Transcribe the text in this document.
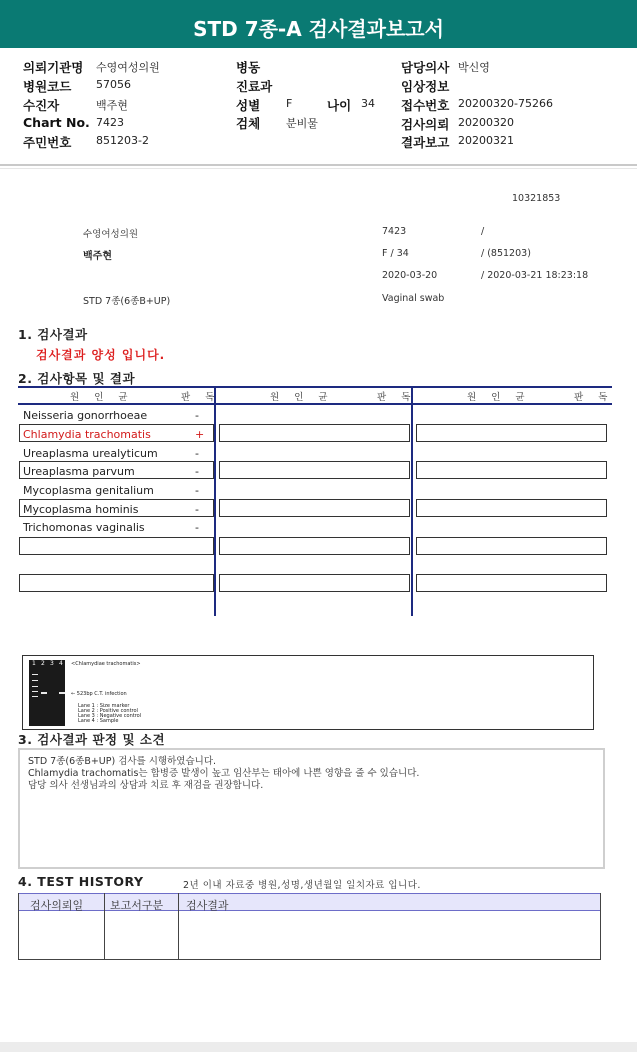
STD 7종-A 검사결과보고서
의뢰기관명 수영여성의원
병원코드 57056
수진자	백주현
Chart No. 7423
주민번호 851203-2
병동
진료과
성별 F	나이 34
검체 분비물
담당의사 박신영
임상정보
접수번호 20200320-75266
검사의뢰 20200320
결과보고 20200321
10321853
수영여성의원	7423	/
백주현	F / 34	/ (851203)
2020-03-20	/ 2020-03-21 18:23:18
STD 7종(6종B+UP)	Vaginal swab
1. 검사결과
검사결과 양성 입니다.
2. 검사항목 및 결과
원 인 균	판 독	원 인 균	판 독	원 인 균	판 독
Neisseria gonorrhoeae	-
Chlamydia trachomatis	+
Ureaplasma urealyticum	-
Ureaplasma parvum	-
Mycoplasma genitalium	-
Mycoplasma hominis	-
Trichomonas vaginalis	-
1 2 3 4 <Chlamydiae trachomatis>
← 523bp C.T. infection
Lane 1 : Size marker
Lane 2 : Positive control
Lane 3 : Negative control
Lane 4 : Sample
3. 검사결과 판정 및 소견

STD 7종(6종B+UP) 검사를 시행하였습니다.

Chlamydia trachomatis는 합병증 발생이 높고 임산부는 태아에 나쁜 영향을 줄 수 있습니다.

담당 의사 선생님과의 상담과 치료 후 재검을 권장합니다.

4. TEST HISTORY	2년 이내 자료중 병원,성명,생년월일 일치자료 입니다.
검사의뢰일 보고서구분 검사결과
